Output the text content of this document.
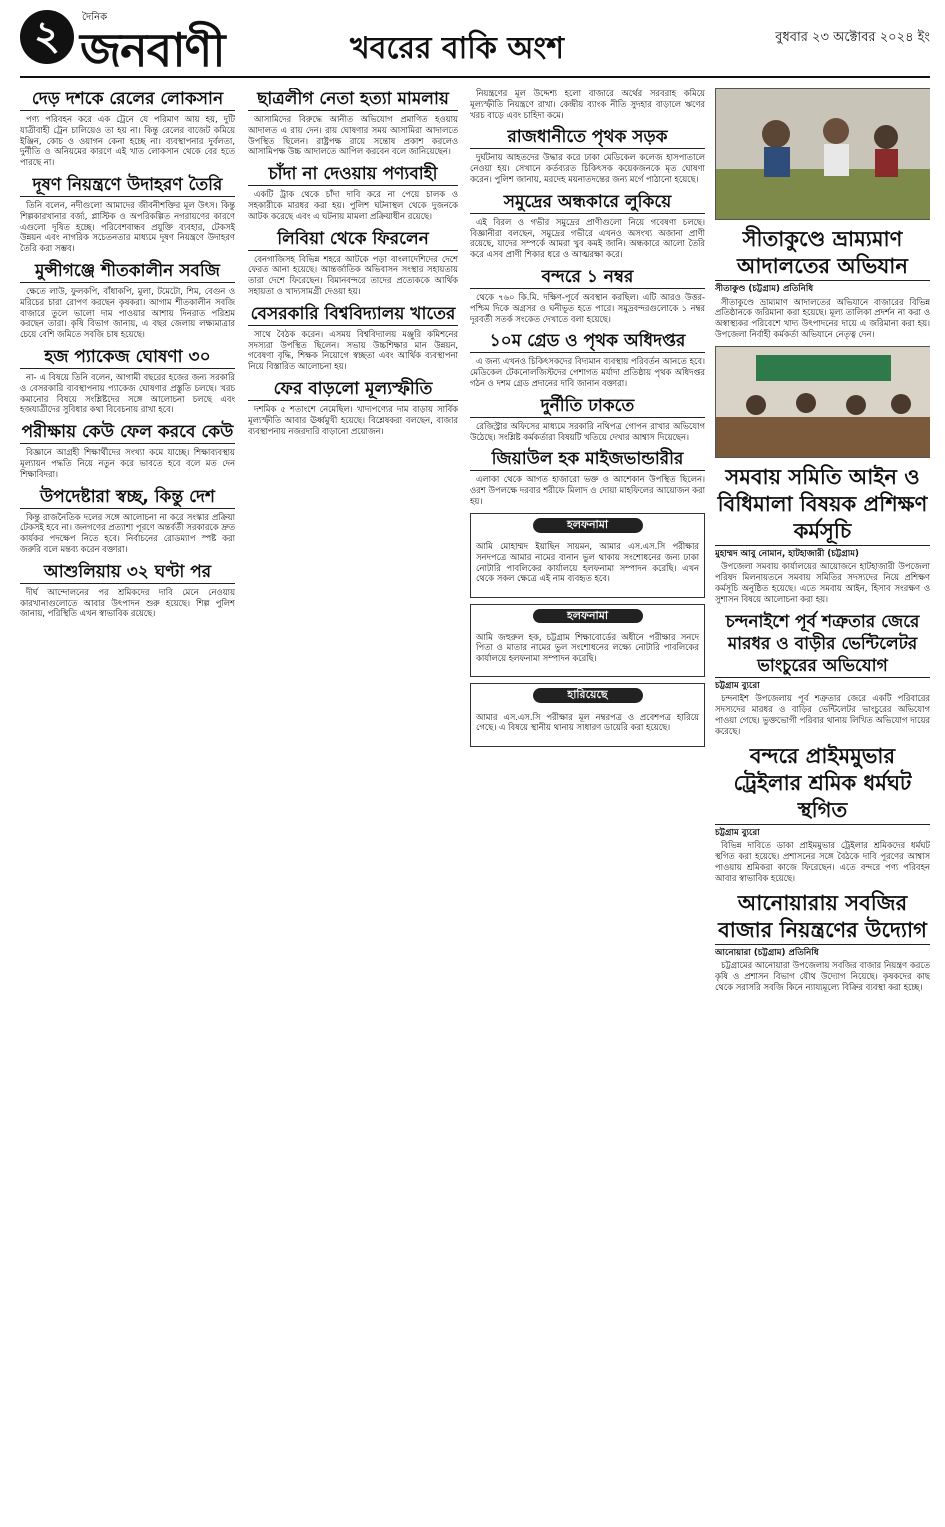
২	দৈনিক
জনবাণী	খবরের বাকি অংশ	বুধবার ২৩ অক্টোবর ২০২৪ ইং
দেড় দশকে রেলের লোকসান

পণ্য পরিবহন করে এক ট্রেনে যে পরিমাণ আয় হয়, দুটি যাত্রীবাহী ট্রেন চালিয়েও তা হয় না। কিন্তু রেলের বাজেট কমিয়ে ইঞ্জিন, কোচ ও ওয়াগন কেনা হচ্ছে না। ব্যবস্থাপনার দুর্বলতা, দুর্নীতি ও অনিয়মের কারণে এই খাত লোকসান থেকে বের হতে পারছে না।

দূষণ নিয়ন্ত্রণে উদাহরণ তৈরি

তিনি বলেন, নদীগুলো আমাদের জীবনীশক্তির মূল উৎস। কিন্তু শিল্পকারখানার বর্জ্য, প্লাস্টিক ও অপরিকল্পিত নগরায়ণের কারণে এগুলো দূষিত হচ্ছে। পরিবেশবান্ধব প্রযুক্তি ব্যবহার, টেকসই উন্নয়ন এবং নাগরিক সচেতনতার মাধ্যমে দূষণ নিয়ন্ত্রণে উদাহরণ তৈরি করা সম্ভব।

মুন্সীগঞ্জে শীতকালীন সবজি

ক্ষেতে লাউ, ফুলকপি, বাঁধাকপি, মুলা, টমেটো, শিম, বেগুন ও মরিচের চারা রোপণ করছেন কৃষকরা। আগাম শীতকালীন সবজি বাজারে তুলে ভালো দাম পাওয়ার আশায় দিনরাত পরিশ্রম করছেন তারা। কৃষি বিভাগ জানায়, এ বছর জেলায় লক্ষ্যমাত্রার চেয়ে বেশি জমিতে সবজি চাষ হয়েছে।

হজ প্যাকেজ ঘোষণা ৩০

না- এ বিষয়ে তিনি বলেন, আগামী বছরের হজের জন্য সরকারি ও বেসরকারি ব্যবস্থাপনায় প্যাকেজ ঘোষণার প্রস্তুতি চলছে। খরচ কমানোর বিষয়ে সংশ্লিষ্টদের সঙ্গে আলোচনা চলছে এবং হজযাত্রীদের সুবিধার কথা বিবেচনায় রাখা হবে।

পরীক্ষায় কেউ ফেল করবে কেউ

বিজ্ঞানে আগ্রহী শিক্ষার্থীদের সংখ্যা কমে যাচ্ছে। শিক্ষাব্যবস্থায় মূল্যায়ন পদ্ধতি নিয়ে নতুন করে ভাবতে হবে বলে মত দেন শিক্ষাবিদরা।

উপদেষ্টারা স্বচ্ছ, কিন্তু দেশ

কিন্তু রাজনৈতিক দলের সঙ্গে আলোচনা না করে সংস্কার প্রক্রিয়া টেকসই হবে না। জনগণের প্রত্যাশা পূরণে অন্তর্বর্তী সরকারকে দ্রুত কার্যকর পদক্ষেপ নিতে হবে। নির্বাচনের রোডম্যাপ স্পষ্ট করা জরুরি বলে মন্তব্য করেন বক্তারা।

আশুলিয়ায় ৩২ ঘণ্টা পর

দীর্ঘ আন্দোলনের পর শ্রমিকদের দাবি মেনে নেওয়ায় কারখানাগুলোতে আবার উৎপাদন শুরু হয়েছে। শিল্প পুলিশ জানায়, পরিস্থিতি এখন স্বাভাবিক রয়েছে।

ছাত্রলীগ নেতা হত্যা মামলায়

আসামিদের বিরুদ্ধে আনীত অভিযোগ প্রমাণিত হওয়ায় আদালত এ রায় দেন। রায় ঘোষণার সময় আসামিরা আদালতে উপস্থিত ছিলেন। রাষ্ট্রপক্ষ রায়ে সন্তোষ প্রকাশ করলেও আসামিপক্ষ উচ্চ আদালতে আপিল করবেন বলে জানিয়েছেন।

চাঁদা না দেওয়ায় পণ্যবাহী

একটি ট্রাক থেকে চাঁদা দাবি করে না পেয়ে চালক ও সহকারীকে মারধর করা হয়। পুলিশ ঘটনাস্থল থেকে দুজনকে আটক করেছে এবং এ ঘটনায় মামলা প্রক্রিয়াধীন রয়েছে।

লিবিয়া থেকে ফিরলেন

বেনগাজিসহ বিভিন্ন শহরে আটকে পড়া বাংলাদেশিদের দেশে ফেরত আনা হয়েছে। আন্তর্জাতিক অভিবাসন সংস্থার সহায়তায় তারা দেশে ফিরেছেন। বিমানবন্দরে তাদের প্রত্যেককে আর্থিক সহায়তা ও খাদ্যসামগ্রী দেওয়া হয়।

বেসরকারি বিশ্ববিদ্যালয় খাতের

সাথে বৈঠক করেন। এসময় বিশ্ববিদ্যালয় মঞ্জুরি কমিশনের সদস্যরা উপস্থিত ছিলেন। সভায় উচ্চশিক্ষার মান উন্নয়ন, গবেষণা বৃদ্ধি, শিক্ষক নিয়োগে স্বচ্ছতা এবং আর্থিক ব্যবস্থাপনা নিয়ে বিস্তারিত আলোচনা হয়।

ফের বাড়লো মূল্যস্ফীতি

দশমিক ৫ শতাংশে নেমেছিল। খাদ্যপণ্যের দাম বাড়ায় সার্বিক মূল্যস্ফীতি আবার ঊর্ধ্বমুখী হয়েছে। বিশ্লেষকরা বলছেন, বাজার ব্যবস্থাপনায় নজরদারি বাড়ানো প্রয়োজন।

নিয়ন্ত্রণের মূল উদ্দেশ্য হলো বাজারে অর্থের সরবরাহ কমিয়ে মূল্যস্ফীতি নিয়ন্ত্রণে রাখা। কেন্দ্রীয় ব্যাংক নীতি সুদহার বাড়ালে ঋণের খরচ বাড়ে এবং চাহিদা কমে।

রাজধানীতে পৃথক সড়ক

দুর্ঘটনায় আহতদের উদ্ধার করে ঢাকা মেডিকেল কলেজ হাসপাতালে নেওয়া হয়। সেখানে কর্তব্যরত চিকিৎসক কয়েকজনকে মৃত ঘোষণা করেন। পুলিশ জানায়, মরদেহ ময়নাতদন্তের জন্য মর্গে পাঠানো হয়েছে।

সমুদ্রের অন্ধকারে লুকিয়ে

এই বিরল ও গভীর সমুদ্রের প্রাণীগুলো নিয়ে গবেষণা চলছে। বিজ্ঞানীরা বলছেন, সমুদ্রের গভীরে এখনও অসংখ্য অজানা প্রাণী রয়েছে, যাদের সম্পর্কে আমরা খুব কমই জানি। অন্ধকারে আলো তৈরি করে এসব প্রাণী শিকার ধরে ও আত্মরক্ষা করে।

বন্দরে ১ নম্বর

থেকে ৭৬০ কি.মি. দক্ষিণ-পূর্বে অবস্থান করছিল। এটি আরও উত্তর-পশ্চিম দিকে অগ্রসর ও ঘনীভূত হতে পারে। সমুদ্রবন্দরগুলোকে ১ নম্বর দূরবর্তী সতর্ক সংকেত দেখাতে বলা হয়েছে।

১০ম গ্রেড ও পৃথক অধিদপ্তর

এ জন্য এখনও চিকিৎসকদের বিদ্যমান ব্যবস্থায় পরিবর্তন আনতে হবে। মেডিকেল টেকনোলজিস্টদের পেশাগত মর্যাদা প্রতিষ্ঠায় পৃথক অধিদপ্তর গঠন ও দশম গ্রেড প্রদানের দাবি জানান বক্তারা।

দুর্নীতি ঢাকতে

রেজিস্ট্রার অফিসের মাধ্যমে সরকারি নথিপত্র গোপন রাখার অভিযোগ উঠেছে। সংশ্লিষ্ট কর্মকর্তারা বিষয়টি খতিয়ে দেখার আশ্বাস দিয়েছেন।

জিয়াউল হক মাইজভান্ডারীর

এলাকা থেকে আগত হাজারো ভক্ত ও আশেকান উপস্থিত ছিলেন। ওরশ উপলক্ষে দরবার শরীফে মিলাদ ও দোয়া মাহফিলের আয়োজন করা হয়।

হলফনামা

আমি মোহাম্মদ ইয়াছিন সায়মন, আমার এস.এস.সি পরীক্ষার সনদপত্রে আমার নামের বানান ভুল থাকায় সংশোধনের জন্য ঢাকা নোটারি পাবলিকের কার্যালয়ে হলফনামা সম্পাদন করেছি। এখন থেকে সকল ক্ষেত্রে এই নাম ব্যবহৃত হবে।

হলফনামা

আমি জহুরুল হক, চট্টগ্রাম শিক্ষাবোর্ডের অধীনে পরীক্ষার সনদে পিতা ও মাতার নামের ভুল সংশোধনের লক্ষ্যে নোটারি পাবলিকের কার্যালয়ে হলফনামা সম্পাদন করেছি।

হারিয়েছে

আমার এস.এস.সি পরীক্ষার মূল নম্বরপত্র ও প্রবেশপত্র হারিয়ে গেছে। এ বিষয়ে স্থানীয় থানায় সাধারণ ডায়েরি করা হয়েছে।

সীতাকুণ্ডে ভ্রাম্যমাণ আদালতের অভিযান
সীতাকুণ্ড (চট্টগ্রাম) প্রতিনিধি

সীতাকুণ্ডে ভ্রাম্যমাণ আদালতের অভিযানে বাজারের বিভিন্ন প্রতিষ্ঠানকে জরিমানা করা হয়েছে। মূল্য তালিকা প্রদর্শন না করা ও অস্বাস্থ্যকর পরিবেশে খাদ্য উৎপাদনের দায়ে এ জরিমানা করা হয়। উপজেলা নির্বাহী কর্মকর্তা অভিযানে নেতৃত্ব দেন।

সমবায় সমিতি আইন ও বিধিমালা বিষয়ক প্রশিক্ষণ কর্মসূচি
মুহাম্মদ আবু নোমান, হাটহাজারী (চট্টগ্রাম)

উপজেলা সমবায় কার্যালয়ের আয়োজনে হাটহাজারী উপজেলা পরিষদ মিলনায়তনে সমবায় সমিতির সদস্যদের নিয়ে প্রশিক্ষণ কর্মসূচি অনুষ্ঠিত হয়েছে। এতে সমবায় আইন, হিসাব সংরক্ষণ ও সুশাসন বিষয়ে আলোচনা করা হয়।

চন্দনাইশে পূর্ব শত্রুতার জেরে মারধর ও বাড়ীর ভেন্টিলেটর ভাংচুরের অভিযোগ
চট্টগ্রাম ব্যুরো

চন্দনাইশ উপজেলায় পূর্ব শত্রুতার জেরে একটি পরিবারের সদস্যদের মারধর ও বাড়ির ভেন্টিলেটর ভাংচুরের অভিযোগ পাওয়া গেছে। ভুক্তভোগী পরিবার থানায় লিখিত অভিযোগ দায়ের করেছে।

বন্দরে প্রাইমমুভার ট্রেইলার শ্রমিক ধর্মঘট স্থগিত
চট্টগ্রাম ব্যুরো

বিভিন্ন দাবিতে ডাকা প্রাইমমুভার ট্রেইলার শ্রমিকদের ধর্মঘট স্থগিত করা হয়েছে। প্রশাসনের সঙ্গে বৈঠকে দাবি পূরণের আশ্বাস পাওয়ায় শ্রমিকরা কাজে ফিরেছেন। এতে বন্দরে পণ্য পরিবহন আবার স্বাভাবিক হয়েছে।

আনোয়ারায় সবজির বাজার নিয়ন্ত্রণের উদ্যোগ
আনোয়ারা (চট্টগ্রাম) প্রতিনিধি

চট্টগ্রামের আনোয়ারা উপজেলায় সবজির বাজার নিয়ন্ত্রণ করতে কৃষি ও প্রশাসন বিভাগ যৌথ উদ্যোগ নিয়েছে। কৃষকদের কাছ থেকে সরাসরি সবজি কিনে ন্যায্যমূল্যে বিক্রির ব্যবস্থা করা হচ্ছে।
